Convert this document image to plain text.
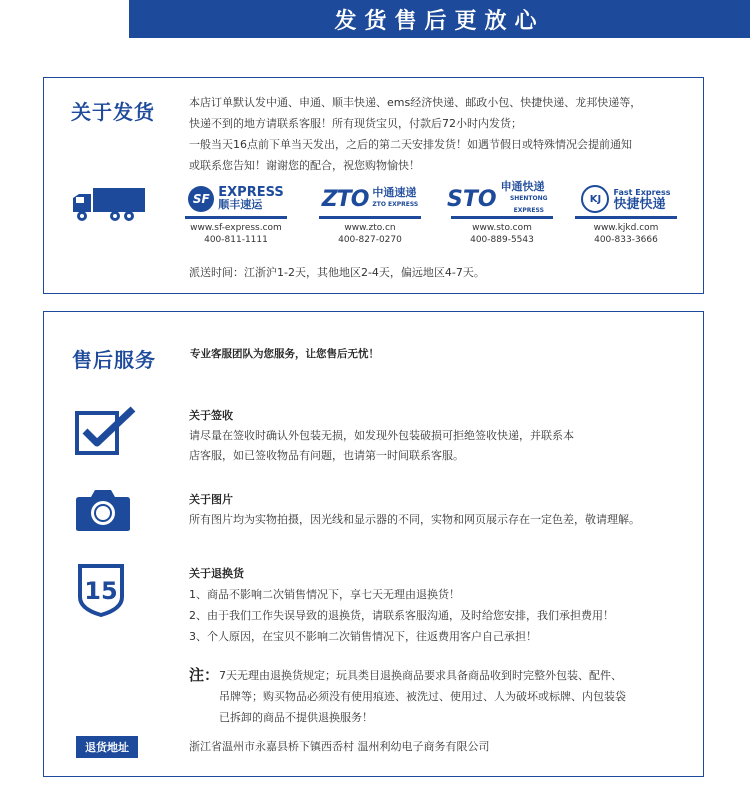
发货售后更放心
关于发货	本店订单默认发中通、申通、顺丰快递、ems经济快递、邮政小包、快捷快递、龙邦快递等，
快递不到的地方请联系客服！所有现货宝贝，付款后72小时内发货；
一般当天16点前下单当天发出，之后的第二天安排发货！如遇节假日或特殊情况会提前通知
或联系您告知！谢谢您的配合，祝您购物愉快！
SF EXPRESS
顺丰速运
www.sf-express.com
400-811-1111
ZTO 中通速递
ZTO EXPRESS
www.zto.cn
400-827-0270
STO 申通快递
SHENTONG EXPRESS
www.sto.com
400-889-5543
KJ
Fast Express
快捷快递
www.kjkd.com
400-833-3666
派送时间：江浙沪1-2天，其他地区2-4天，偏远地区4-7天。
售后服务	专业客服团队为您服务，让您售后无忧！
关于签收
请尽量在签收时确认外包装无损，如发现外包装破损可拒绝签收快递，并联系本
店客服，如已签收物品有问题，也请第一时间联系客服。
关于图片
所有图片均为实物拍摄，因光线和显示器的不同，实物和网页展示存在一定色差，敬请理解。
15
关于退换货
1、商品不影响二次销售情况下，享七天无理由退换货！
2、由于我们工作失误导致的退换货，请联系客服沟通，及时给您安排，我们承担费用！
3、个人原因，在宝贝不影响二次销售情况下，往返费用客户自己承担！
注： 7天无理由退换货规定；玩具类目退换商品要求具备商品收到时完整外包装、配件、
吊牌等；购买物品必须没有使用痕迹、被洗过、使用过、人为破坏或标牌、内包装袋
已拆卸的商品不提供退换服务！
退货地址	浙江省温州市永嘉县桥下镇西岙村 温州利幼电子商务有限公司
